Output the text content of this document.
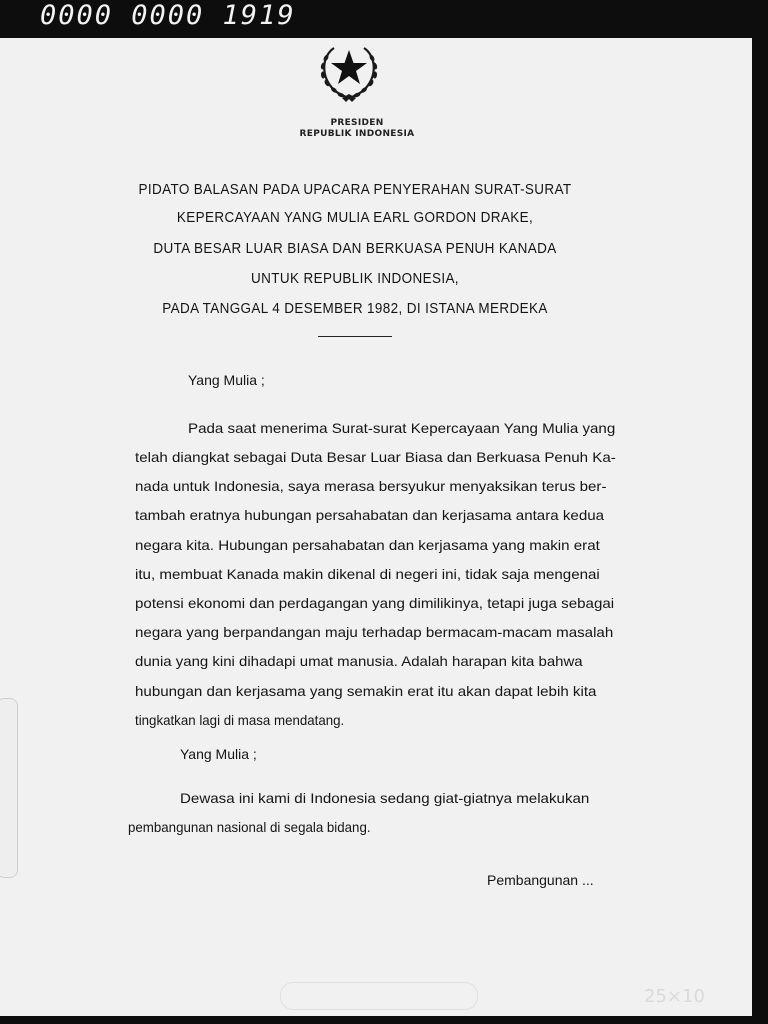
0000 0000 1919
PRESIDEN
REPUBLIK INDONESIA
PIDATO BALASAN PADA UPACARA PENYERAHAN SURAT-SURAT
KEPERCAYAAN YANG MULIA EARL GORDON DRAKE,
DUTA BESAR LUAR BIASA DAN BERKUASA PENUH KANADA
UNTUK REPUBLIK INDONESIA,
PADA TANGGAL 4 DESEMBER 1982, DI ISTANA MERDEKA
Yang Mulia ;
Pada saat menerima Surat-surat Kepercayaan Yang Mulia yang
telah diangkat sebagai Duta Besar Luar Biasa dan Berkuasa Penuh Ka-
nada untuk Indonesia, saya merasa bersyukur menyaksikan terus ber-
tambah eratnya hubungan persahabatan dan kerjasama antara kedua
negara kita. Hubungan persahabatan dan kerjasama yang makin erat
itu, membuat Kanada makin dikenal di negeri ini, tidak saja mengenai
potensi ekonomi dan perdagangan yang dimilikinya, tetapi juga sebagai
negara yang berpandangan maju terhadap bermacam-macam masalah
dunia yang kini dihadapi umat manusia. Adalah harapan kita bahwa
hubungan dan kerjasama yang semakin erat itu akan dapat lebih kita
tingkatkan lagi di masa mendatang.
Yang Mulia ;
Dewasa ini kami di Indonesia sedang giat-giatnya melakukan
pembangunan nasional di segala bidang.
Pembangunan ...
25×10
